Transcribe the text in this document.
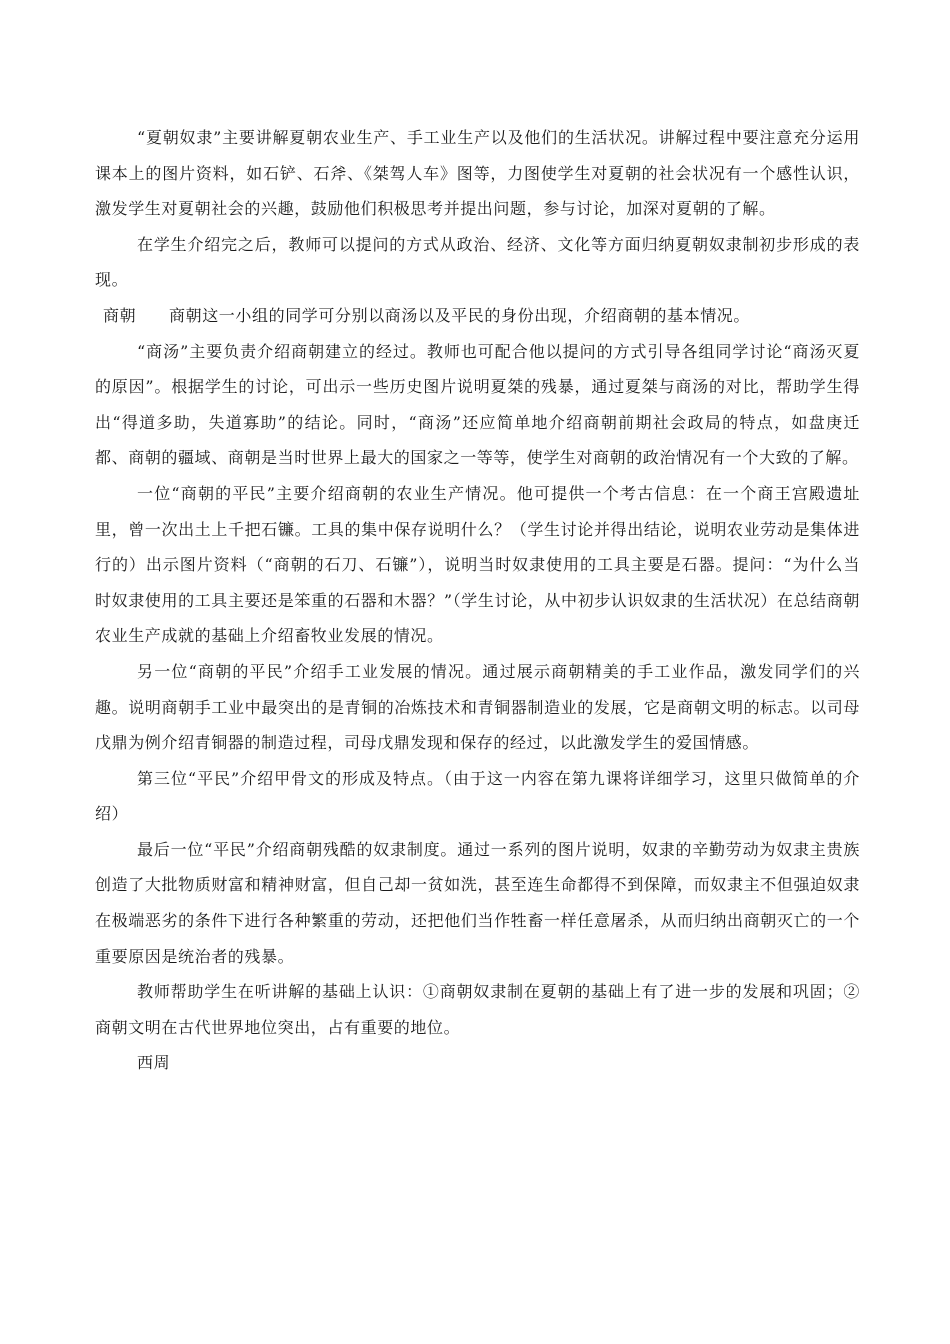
“夏朝奴隶”主要讲解夏朝农业生产、手工业生产以及他们的生活状况。讲解过程中要注意充分运用课本上的图片资料，如石铲、石斧、《桀驾人车》图等，力图使学生对夏朝的社会状况有一个感性认识，激发学生对夏朝社会的兴趣，鼓励他们积极思考并提出问题，参与讨论，加深对夏朝的了解。

在学生介绍完之后，教师可以提问的方式从政治、经济、文化等方面归纳夏朝奴隶制初步形成的表现。

商朝 商朝这一小组的同学可分别以商汤以及平民的身份出现，介绍商朝的基本情况。

“商汤”主要负责介绍商朝建立的经过。教师也可配合他以提问的方式引导各组同学讨论“商汤灭夏的原因”。根据学生的讨论，可出示一些历史图片说明夏桀的残暴，通过夏桀与商汤的对比，帮助学生得出“得道多助，失道寡助”的结论。同时，“商汤”还应简单地介绍商朝前期社会政局的特点，如盘庚迁都、商朝的疆域、商朝是当时世界上最大的国家之一等等，使学生对商朝的政治情况有一个大致的了解。

一位“商朝的平民”主要介绍商朝的农业生产情况。他可提供一个考古信息：在一个商王宫殿遗址里，曾一次出土上千把石镰。工具的集中保存说明什么？（学生讨论并得出结论，说明农业劳动是集体进行的）出示图片资料（“商朝的石刀、石镰”），说明当时奴隶使用的工具主要是石器。提问：“为什么当时奴隶使用的工具主要还是笨重的石器和木器？”（学生讨论，从中初步认识奴隶的生活状况）在总结商朝农业生产成就的基础上介绍畜牧业发展的情况。

另一位“商朝的平民”介绍手工业发展的情况。通过展示商朝精美的手工业作品，激发同学们的兴趣。说明商朝手工业中最突出的是青铜的冶炼技术和青铜器制造业的发展，它是商朝文明的标志。以司母戊鼎为例介绍青铜器的制造过程，司母戊鼎发现和保存的经过，以此激发学生的爱国情感。

第三位“平民”介绍甲骨文的形成及特点。（由于这一内容在第九课将详细学习，这里只做简单的介绍）

最后一位“平民”介绍商朝残酷的奴隶制度。通过一系列的图片说明，奴隶的辛勤劳动为奴隶主贵族创造了大批物质财富和精神财富，但自己却一贫如洗，甚至连生命都得不到保障，而奴隶主不但强迫奴隶在极端恶劣的条件下进行各种繁重的劳动，还把他们当作牲畜一样任意屠杀，从而归纳出商朝灭亡的一个重要原因是统治者的残暴。

教师帮助学生在听讲解的基础上认识：①商朝奴隶制在夏朝的基础上有了进一步的发展和巩固；②商朝文明在古代世界地位突出，占有重要的地位。

西周
